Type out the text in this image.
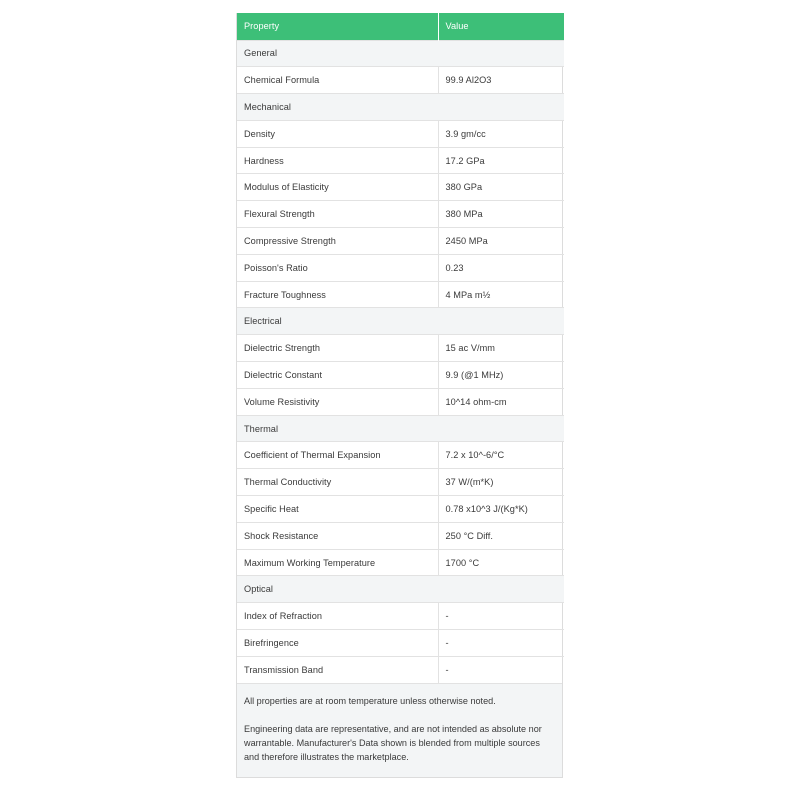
Property	Value
General	
Chemical Formula	99.9 Al2O3
Mechanical	
Density	3.9 gm/cc
Hardness	17.2 GPa
Modulus of Elasticity	380 GPa
Flexural Strength	380 MPa
Compressive Strength	2450 MPa
Poisson's Ratio	0.23
Fracture Toughness	4 MPa m½
Electrical	
Dielectric Strength	15 ac V/mm
Dielectric Constant	9.9 (@1 MHz)
Volume Resistivity	10^14 ohm-cm
Thermal	
Coefficient of Thermal Expansion	7.2 x 10^-6/°C
Thermal Conductivity	37 W/(m*K)
Specific Heat	0.78 x10^3 J/(Kg*K)
Shock Resistance	250 °C Diff.
Maximum Working Temperature	1700 °C
Optical	
Index of Refraction	-
Birefringence	-
Transmission Band	-

All properties are at room temperature unless otherwise noted.

Engineering data are representative, and are not intended as absolute nor warrantable. Manufacturer's Data shown is blended from multiple sources and therefore illustrates the marketplace.
